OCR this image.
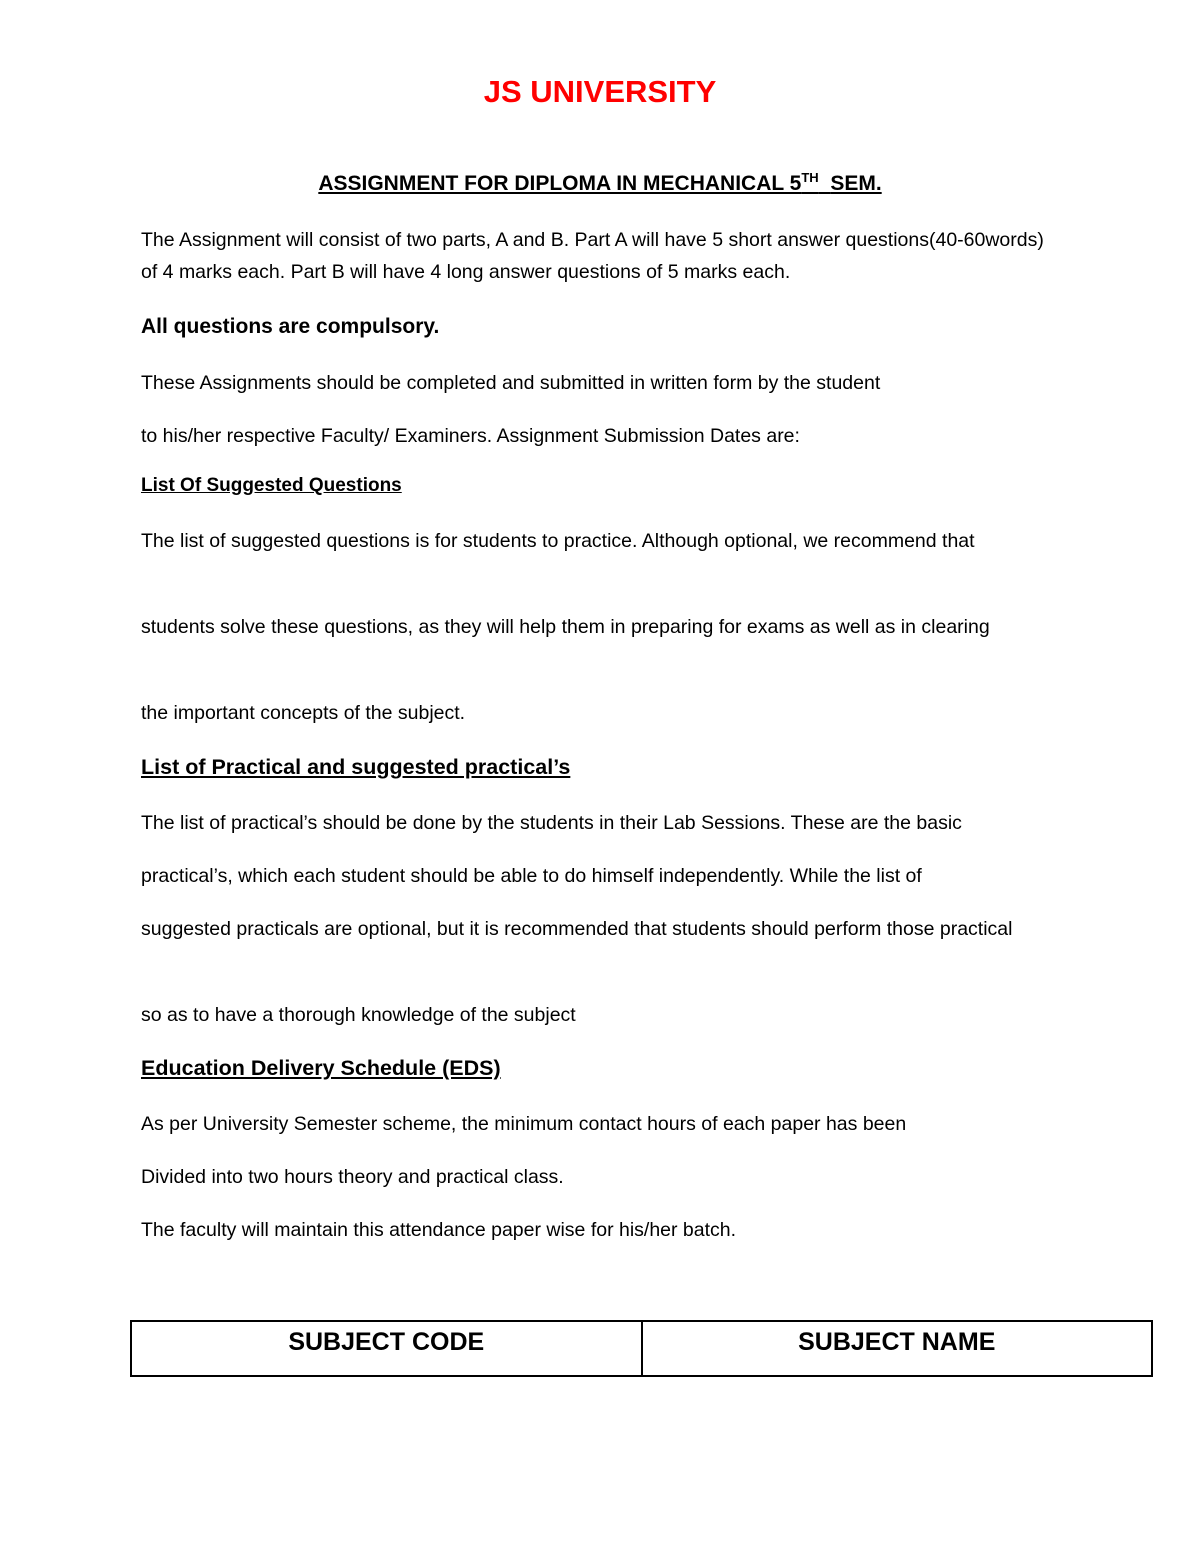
JS UNIVERSITY
ASSIGNMENT FOR DIPLOMA IN MECHANICAL 5TH SEM.

The Assignment will consist of two parts, A and B. Part A will have 5 short answer questions(40-60words) of 4 marks each. Part B will have 4 long answer questions of 5 marks each.

All questions are compulsory.

These Assignments should be completed and submitted in written form by the student

to his/her respective Faculty/ Examiners. Assignment Submission Dates are:

List Of Suggested Questions

The list of suggested questions is for students to practice. Although optional, we recommend that

students solve these questions, as they will help them in preparing for exams as well as in clearing

the important concepts of the subject.

List of Practical and suggested practical’s

The list of practical’s should be done by the students in their Lab Sessions. These are the basic

practical’s, which each student should be able to do himself independently. While the list of

suggested practicals are optional, but it is recommended that students should perform those practical

so as to have a thorough knowledge of the subject

Education Delivery Schedule (EDS)

As per University Semester scheme, the minimum contact hours of each paper has been

Divided into two hours theory and practical class.

The faculty will maintain this attendance paper wise for his/her batch.

SUBJECT CODE	SUBJECT NAME
